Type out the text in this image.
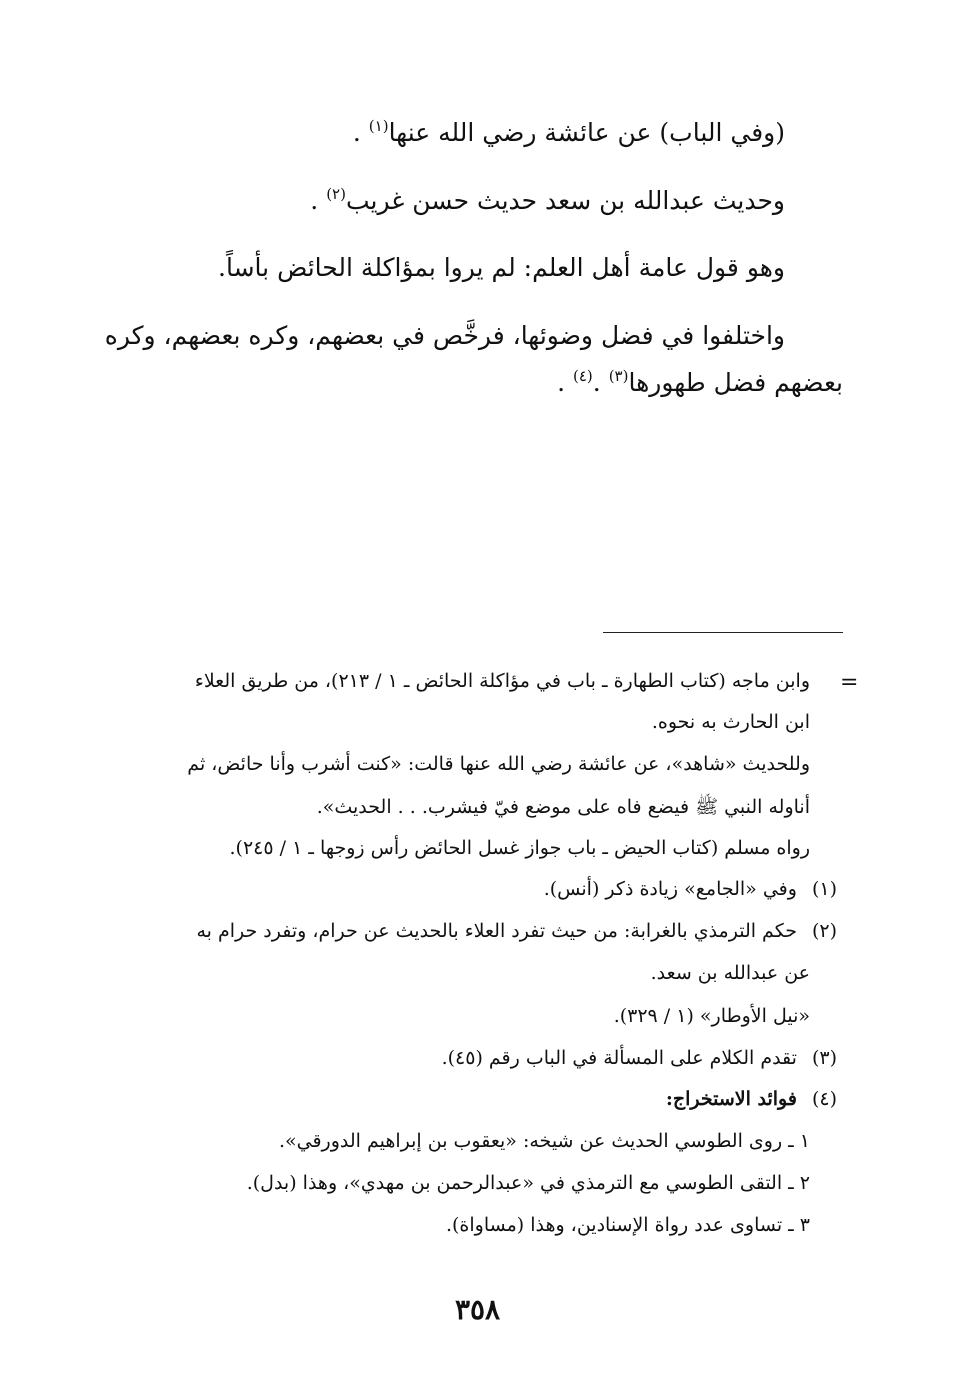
(وفي الباب) عن عائشة رضي الله عنها$^{(١)}$ .
وحديث عبدالله بن سعد حديث حسن غريب$^{(٢)}$ .
وهو قول عامة أهل العلم: لم يروا بمؤاكلة الحائض بأساً.
واختلفوا في فضل وضوئها، فرخَّص في بعضهم، وكره بعضهم، وكره
بعضهم فضل طهورها$^{(٣)}$ .$^{(٤)}$ .
=
وابن ماجه (كتاب الطهارة ـ باب في مؤاكلة الحائض ـ ١ / ٢١٣)، من طريق العلاء
ابن الحارث به نحوه.
وللحديث «شاهد»، عن عائشة رضي الله عنها قالت: «كنت أشرب وأنا حائض، ثم
أناوله النبي ﷺ فيضع فاه على موضع فيّ فيشرب. . . الحديث».
رواه مسلم (كتاب الحيض ـ باب جواز غسل الحائض رأس زوجها ـ ١ / ٢٤٥).
(١) وفي «الجامع» زيادة ذكر (أنس).
(٢) حكم الترمذي بالغرابة: من حيث تفرد العلاء بالحديث عن حرام، وتفرد حرام به
عن عبدالله بن سعد.
«نيل الأوطار» (١ / ٣٢٩).
(٣) تقدم الكلام على المسألة في الباب رقم (٤٥).
(٤) فوائد الاستخراج:
١ ـ روى الطوسي الحديث عن شيخه: «يعقوب بن إبراهيم الدورقي».
٢ ـ التقى الطوسي مع الترمذي في «عبدالرحمن بن مهدي»، وهذا (بدل).
٣ ـ تساوى عدد رواة الإسنادين، وهذا (مساواة).
٣٥٨
